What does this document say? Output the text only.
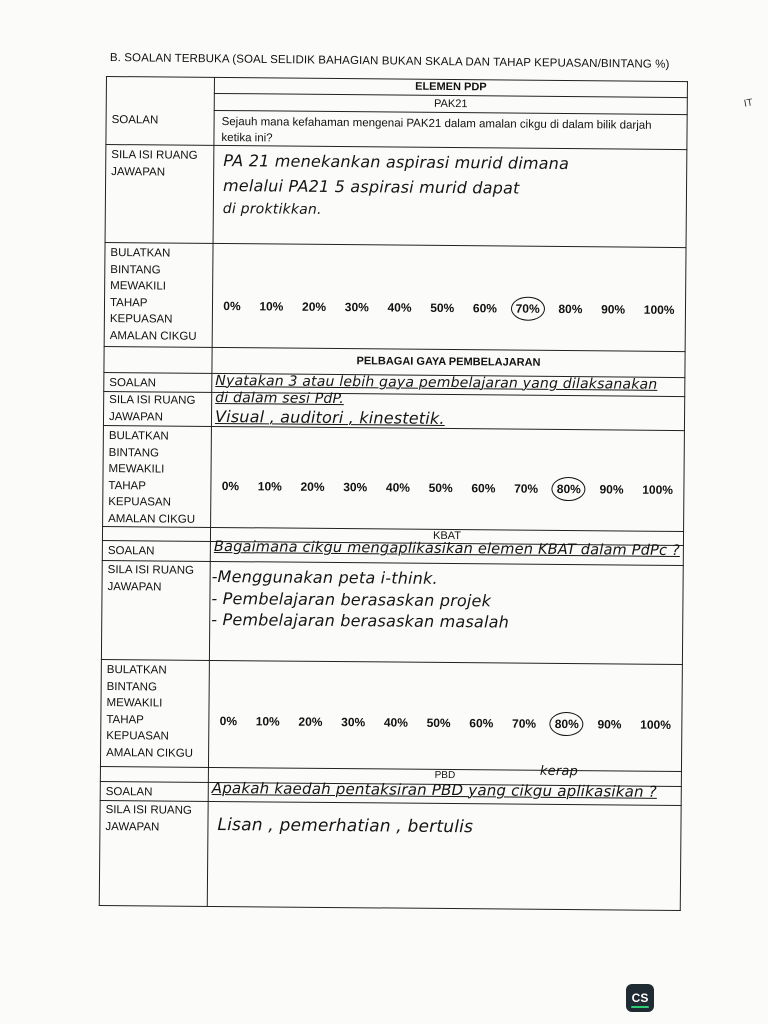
B. SOALAN TERBUKA (SOAL SELIDIK BAHAGIAN BUKAN SKALA DAN TAHAP KEPUASAN/BINTANG %)
IT
ELEMEN PDP
PAK21
SOALAN	Sejauh mana kefahaman mengenai PAK21 dalam amalan cikgu di dalam bilik darjah ketika ini?
SILA ISI RUANG
JAWAPAN	PA 21 menekankan aspirasi murid dimana
melalui PA21 5 aspirasi murid dapat
di proktikkan.
BULATKAN
BINTANG
MEWAKILI
TAHAP
KEPUASAN
AMALAN CIKGU
0% 10% 20% 30% 40% 50% 60% 70% 80% 90% 100%
PELBAGAI GAYA PEMBELAJARAN
SOALAN	Nyatakan 3 atau lebih gaya pembelajaran yang dilaksanakan
SILA ISI RUANG
JAWAPAN
di dalam sesi PdP.
Visual , auditori , kinestetik.
BULATKAN
BINTANG
MEWAKILI
TAHAP
KEPUASAN
AMALAN CIKGU
0% 10% 20% 30% 40% 50% 60% 70% 80% 90% 100%
KBAT
SOALAN	Bagaimana cikgu mengaplikasikan elemen KBAT dalam PdPc ?
SILA ISI RUANG
JAWAPAN	-Menggunakan peta i-think.
- Pembelajaran berasaskan projek
- Pembelajaran berasaskan masalah
BULATKAN
BINTANG
MEWAKILI
TAHAP
KEPUASAN
AMALAN CIKGU
0% 10% 20% 30% 40% 50% 60% 70% 80% 90% 100%
PBD	kerap
SOALAN	Apakah kaedah pentaksiran PBD yang cikgu aplikasikan ?
SILA ISI RUANG
JAWAPAN	Lisan , pemerhatian , bertulis
CS
